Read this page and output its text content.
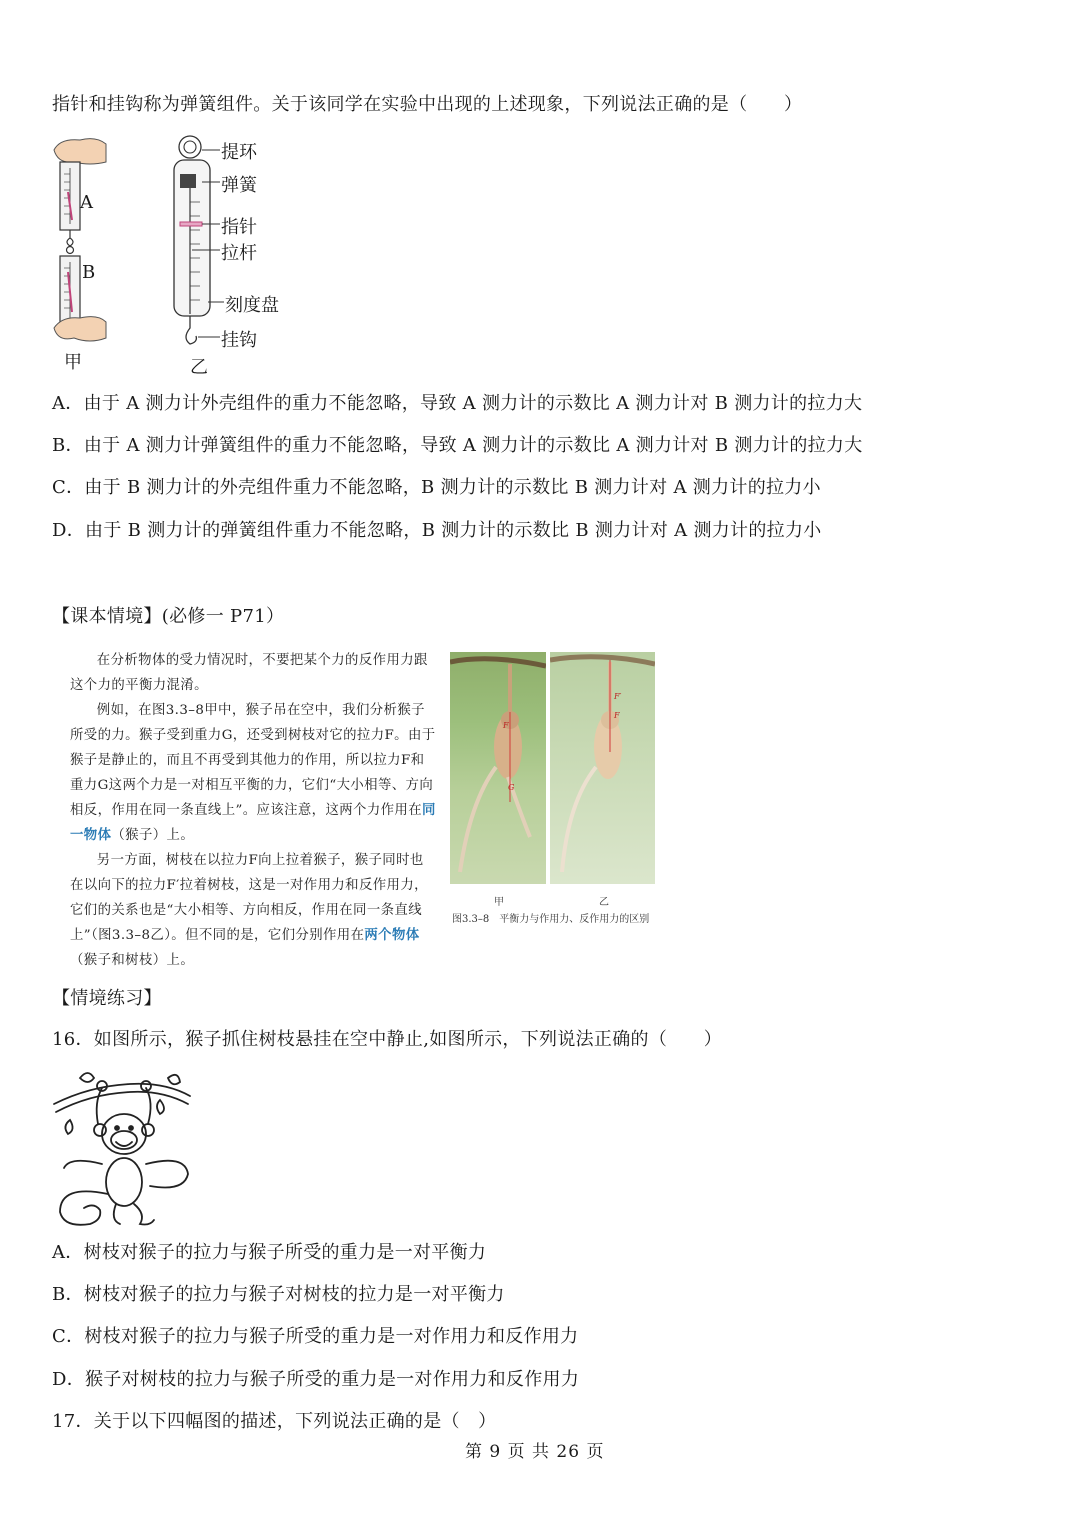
指针和挂钩称为弹簧组件。关于该同学在实验中出现的上述现象，下列说法正确的是（　　）
A
B
甲
提环
弹簧
指针
拉杆
刻度盘
挂钩
乙
A．由于 A 测力计外壳组件的重力不能忽略，导致 A 测力计的示数比 A 测力计对 B 测力计的拉力大
B．由于 A 测力计弹簧组件的重力不能忽略，导致 A 测力计的示数比 A 测力计对 B 测力计的拉力大
C．由于 B 测力计的外壳组件重力不能忽略，B 测力计的示数比 B 测力计对 A 测力计的拉力小
D．由于 B 测力计的弹簧组件重力不能忽略，B 测力计的示数比 B 测力计对 A 测力计的拉力小
【课本情境】(必修一 P71）

在分析物体的受力情况时，不要把某个力的反作用力跟这个力的平衡力混淆。

例如，在图3.3–8甲中，猴子吊在空中，我们分析猴子所受的力。猴子受到重力G，还受到树枝对它的拉力F。由于猴子是静止的，而且不再受到其他力的作用，所以拉力F和重力G这两个力是一对相互平衡的力，它们“大小相等、方向相反，作用在同一条直线上”。应该注意，这两个力作用在同一物体（猴子）上。

另一方面，树枝在以拉力F向上拉着猴子，猴子同时也在以向下的拉力F′拉着树枝，这是一对作用力和反作用力，它们的关系也是“大小相等、方向相反，作用在同一条直线上”（图3.3–8乙）。但不同的是，它们分别作用在两个物体（猴子和树枝）上。

F
G
F′
F
甲	乙
图3.3–8　平衡力与作用力、反作用力的区别
【情境练习】
16．如图所示，猴子抓住树枝悬挂在空中静止,如图所示，下列说法正确的（　　）
A．树枝对猴子的拉力与猴子所受的重力是一对平衡力
B．树枝对猴子的拉力与猴子对树枝的拉力是一对平衡力
C．树枝对猴子的拉力与猴子所受的重力是一对作用力和反作用力
D．猴子对树枝的拉力与猴子所受的重力是一对作用力和反作用力
17．关于以下四幅图的描述，下列说法正确的是（　）
第 9 页 共 26 页
